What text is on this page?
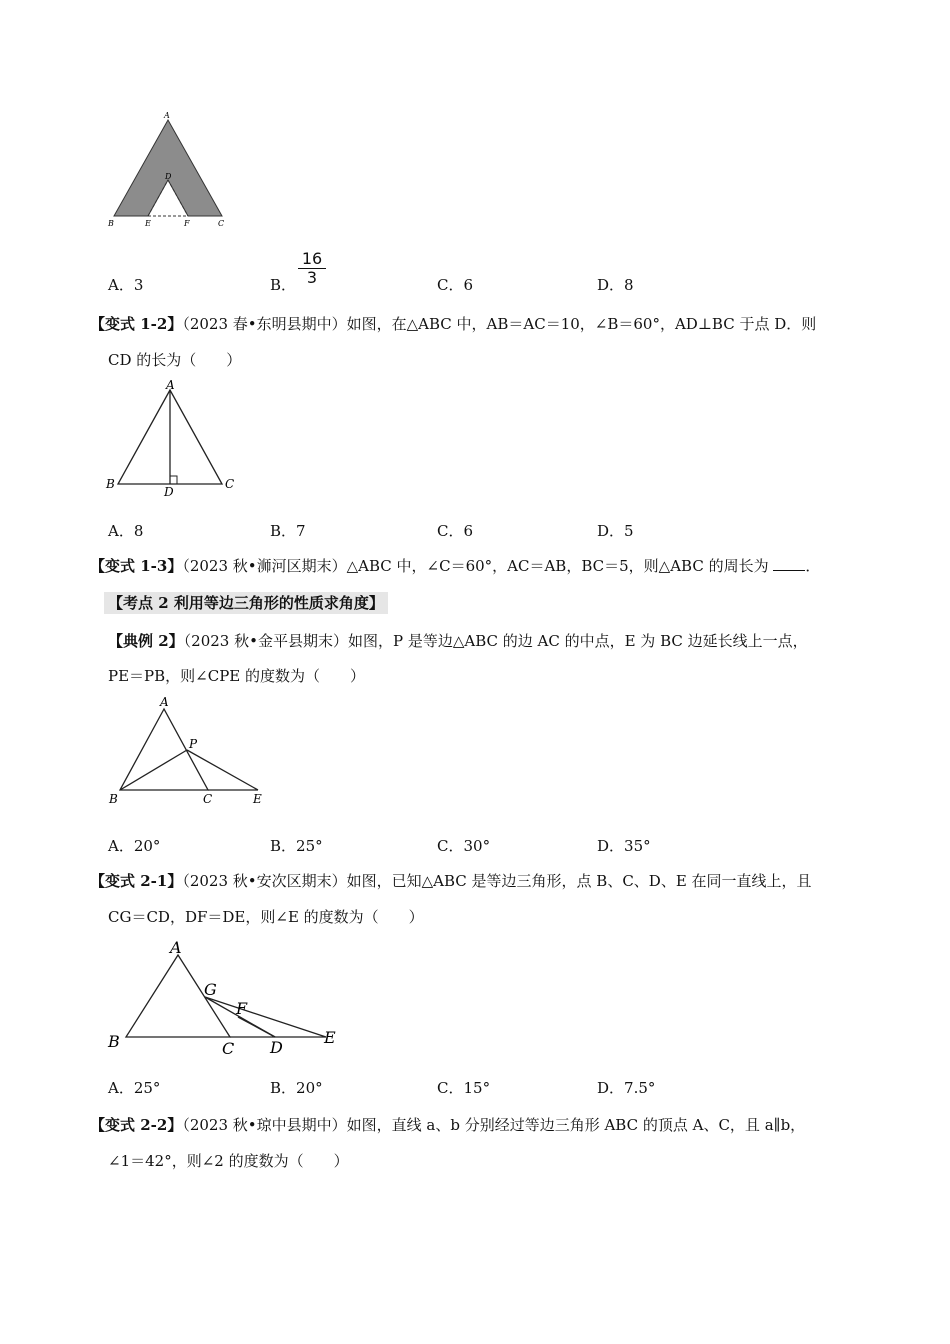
A
D
B	E	F	C
A．3	B． $\frac{16}{3}$	C．6	D．8
【变式 1-2】（2023 春•东明县期中）如图，在△ABC 中，AB＝AC＝10，∠B＝60°，AD⊥BC 于点 D．则
CD 的长为（　　）
A
B	C
D
A．8	B．7	C．6	D．5
【变式 1-3】（2023 秋•浉河区期末）△ABC 中，∠C＝60°，AC＝AB，BC＝5，则△ABC 的周长为 ．
【考点 2 利用等边三角形的性质求角度】
【典例 2】（2023 秋•金平县期末）如图，P 是等边△ABC 的边 AC 的中点，E 为 BC 边延长线上一点，
PE＝PB，则∠CPE 的度数为（　　）
A
P
B	C	E
A．20°	B．25°	C．30°	D．35°
【变式 2-1】（2023 秋•安次区期末）如图，已知△ABC 是等边三角形，点 B、C、D、E 在同一直线上，且
CG＝CD，DF＝DE，则∠E 的度数为（　　）
A
G
F
B	C D
E
A．25°	B．20°	C．15°	D．7.5°
【变式 2-2】（2023 秋•琼中县期中）如图，直线 a、b 分别经过等边三角形 ABC 的顶点 A、C，且 a∥b，
∠1＝42°，则∠2 的度数为（　　）
